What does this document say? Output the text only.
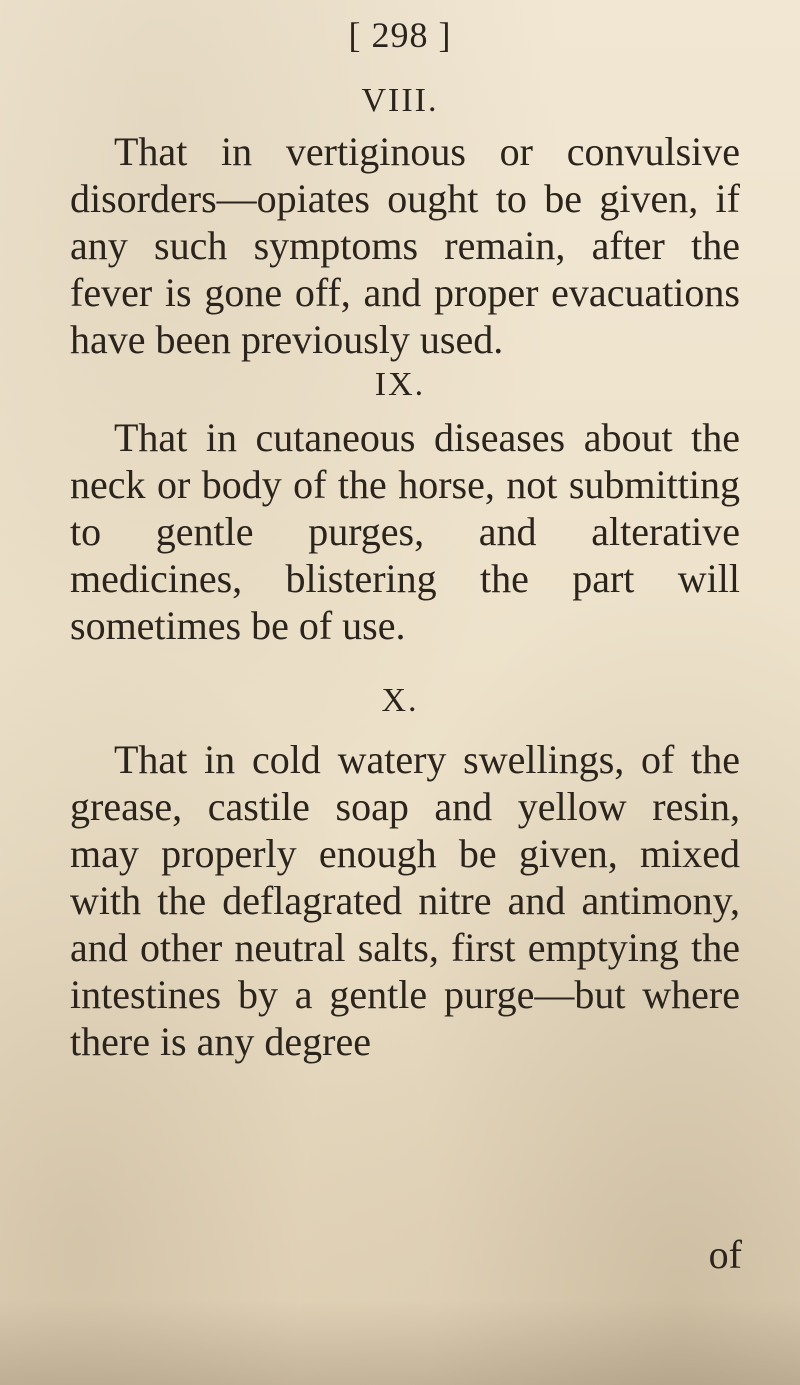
[ 298 ]
VIII.
That in vertiginous or convulsive disorders—opiates ought to be given, if any such symptoms remain, after the fever is gone off, and proper evacuations have been previously used.
IX.
That in cutaneous diseases about the neck or body of the horse, not submitting to gentle purges, and alterative medicines, blistering the part will sometimes be of use.
X.
That in cold watery swellings, of the grease, castile soap and yellow resin, may properly enough be given, mixed with the deflagrated nitre and antimony, and other neutral salts, first emptying the intestines by a gentle purge—but where there is any degree
of
